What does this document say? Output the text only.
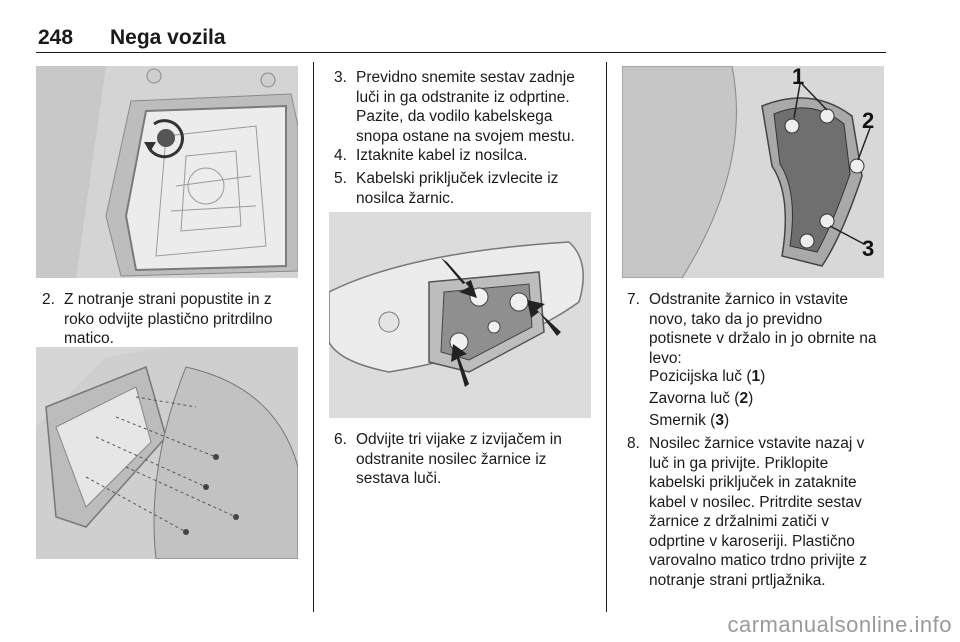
248 Nega vozila
2. Z notranje strani popustite in z
roko odvijte plastično pritrdilno
matico.
3. Previdno snemite sestav zadnje
luči in ga odstranite iz odprtine.
Pazite, da vodilo kabelskega
snopa ostane na svojem mestu.
4. Iztaknite kabel iz nosilca.
5. Kabelski priključek izvlecite iz
nosilca žarnic.
6. Odvijte tri vijake z izvijačem in
odstranite nosilec žarnice iz
sestava luči.
1
2
3
7. Odstranite žarnico in vstavite
novo, tako da jo previdno
potisnete v držalo in jo obrnite na
levo:
Pozicijska luč (1)
Zavorna luč (2)
Smernik (3)
8. Nosilec žarnice vstavite nazaj v
luč in ga privijte. Priklopite
kabelski priključek in zataknite
kabel v nosilec. Pritrdite sestav
žarnice z držalnimi zatiči v
odprtine v karoseriji. Plastično
varovalno matico trdno privijte z
notranje strani prtljažnika.
carmanualsonline.info
